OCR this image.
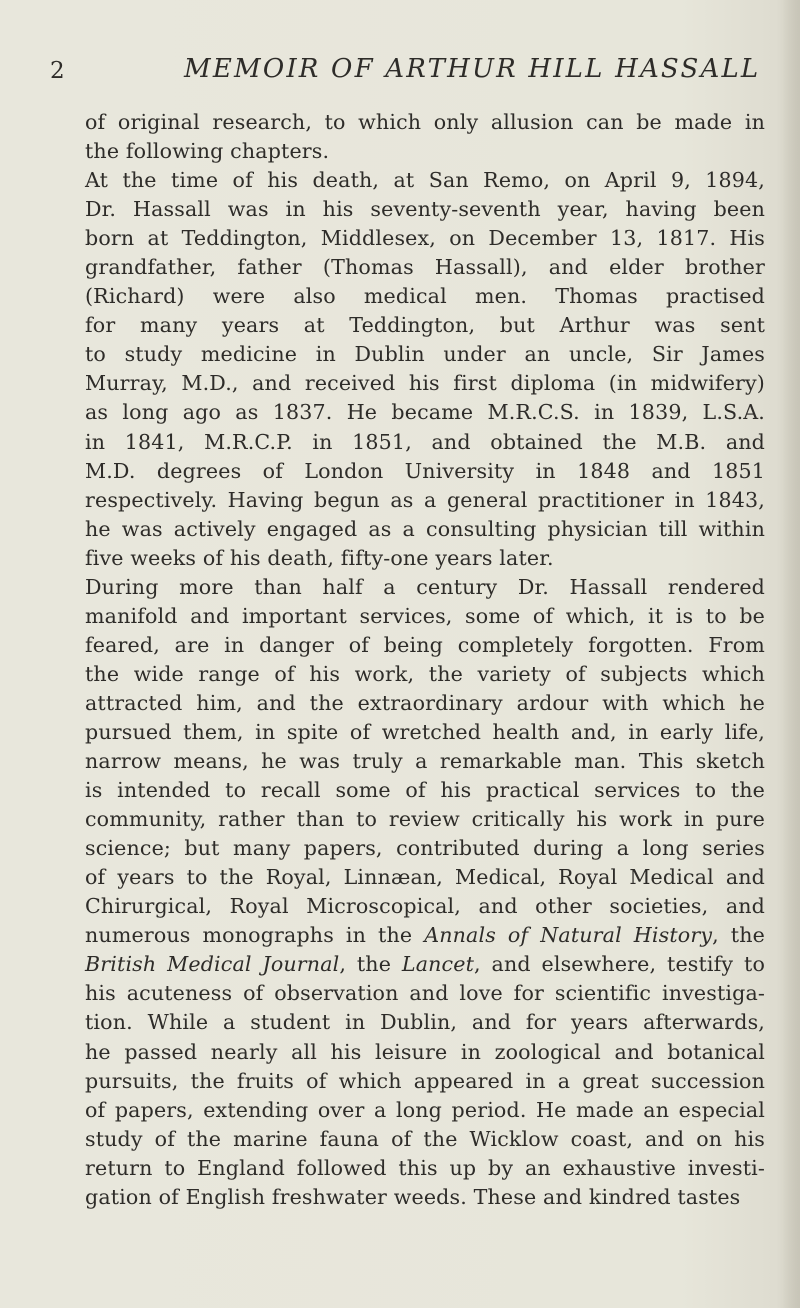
2	MEMOIR OF ARTHUR HILL HASSALL
of original research, to which only allusion can be made in
the following chapters.
At the time of his death, at San Remo, on April 9, 1894,
Dr. Hassall was in his seventy-seventh year, having been
born at Teddington, Middlesex, on December 13, 1817. His
grandfather, father (Thomas Hassall), and elder brother
(Richard) were also medical men. Thomas practised
for many years at Teddington, but Arthur was sent
to study medicine in Dublin under an uncle, Sir James
Murray, M.D., and received his first diploma (in midwifery)
as long ago as 1837. He became M.R.C.S. in 1839, L.S.A.
in 1841, M.R.C.P. in 1851, and obtained the M.B. and
M.D. degrees of London University in 1848 and 1851
respectively. Having begun as a general practitioner in 1843,
he was actively engaged as a consulting physician till within
five weeks of his death, fifty-one years later.
During more than half a century Dr. Hassall rendered
manifold and important services, some of which, it is to be
feared, are in danger of being completely forgotten. From
the wide range of his work, the variety of subjects which
attracted him, and the extraordinary ardour with which he
pursued them, in spite of wretched health and, in early life,
narrow means, he was truly a remarkable man. This sketch
is intended to recall some of his practical services to the
community, rather than to review critically his work in pure
science; but many papers, contributed during a long series
of years to the Royal, Linnæan, Medical, Royal Medical and
Chirurgical, Royal Microscopical, and other societies, and
numerous monographs in the Annals of Natural History, the
British Medical Journal, the Lancet, and elsewhere, testify to
his acuteness of observation and love for scientific investiga-
tion. While a student in Dublin, and for years afterwards,
he passed nearly all his leisure in zoological and botanical
pursuits, the fruits of which appeared in a great succession
of papers, extending over a long period. He made an especial
study of the marine fauna of the Wicklow coast, and on his
return to England followed this up by an exhaustive investi-
gation of English freshwater weeds. These and kindred tastes
